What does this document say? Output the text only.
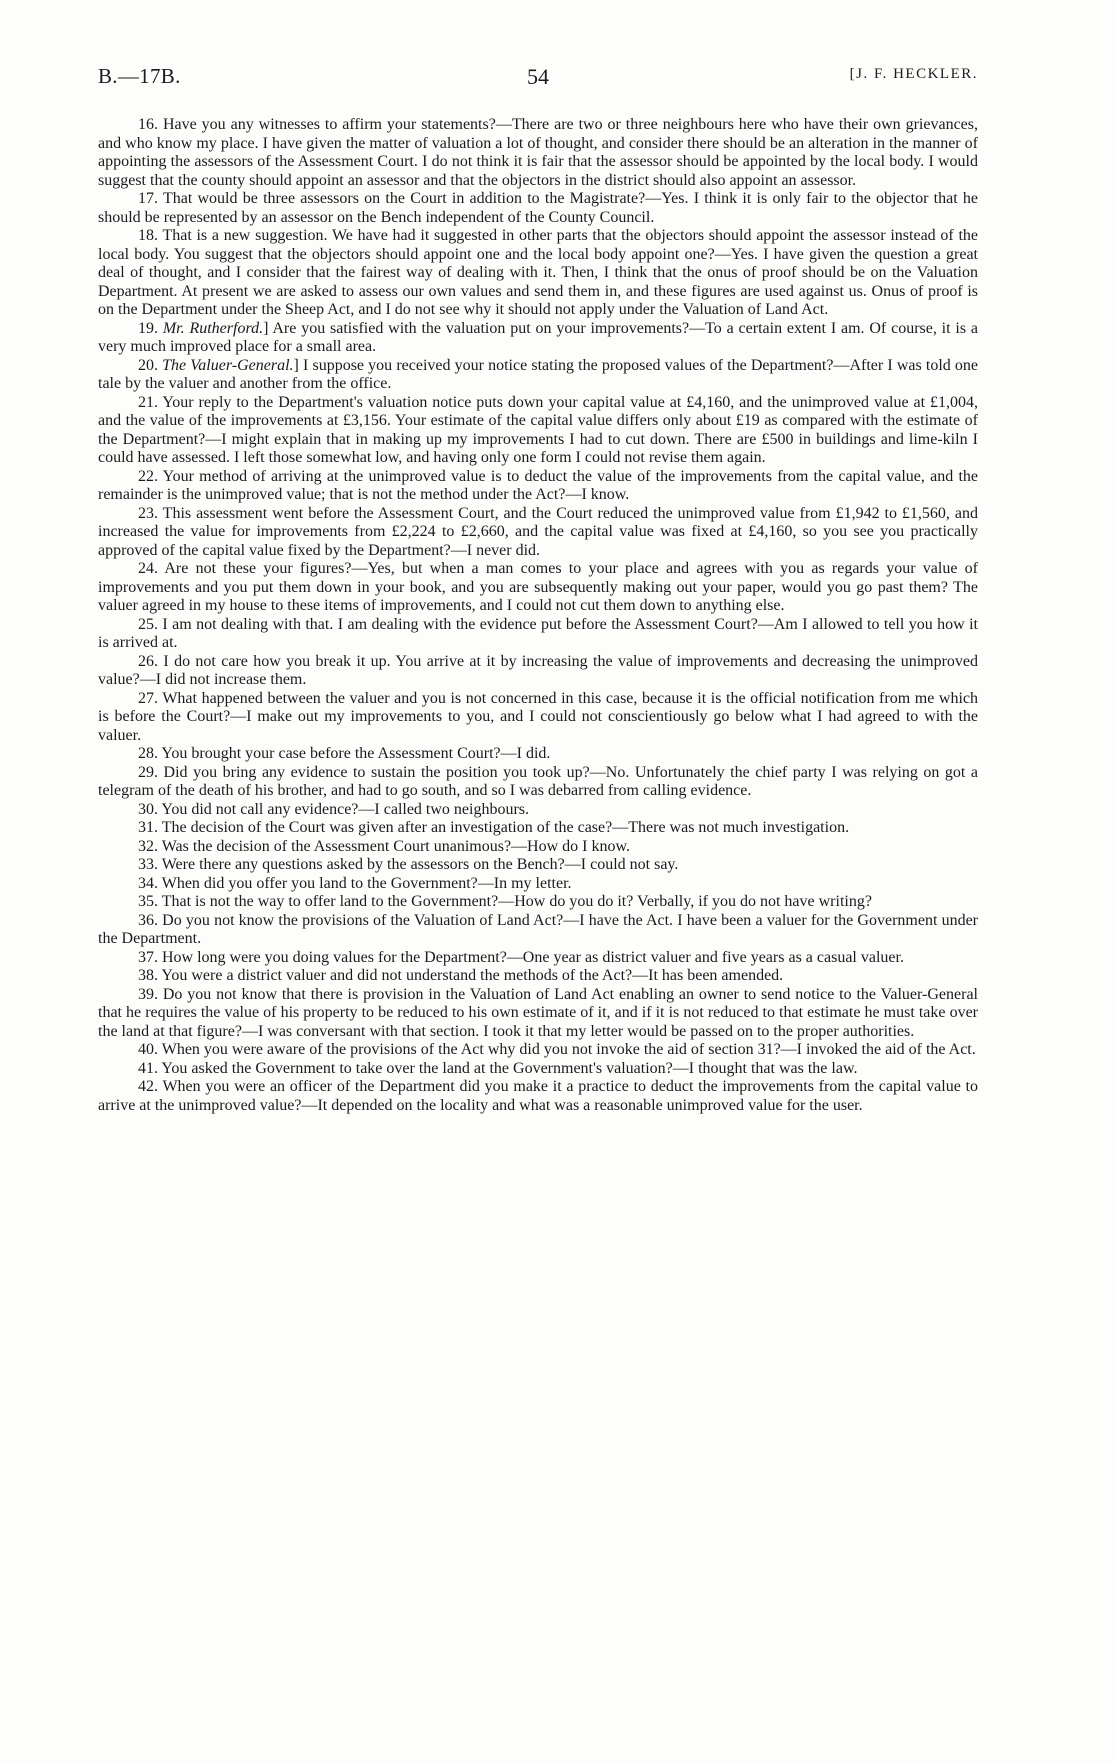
B.—17B.	54	[J. F. HECKLER.

16. Have you any witnesses to affirm your statements?—There are two or three neighbours here who have their own grievances, and who know my place. I have given the matter of valuation a lot of thought, and consider there should be an alteration in the manner of appointing the assessors of the Assessment Court. I do not think it is fair that the assessor should be appointed by the local body. I would suggest that the county should appoint an assessor and that the objectors in the district should also appoint an assessor.

17. That would be three assessors on the Court in addition to the Magistrate?—Yes. I think it is only fair to the objector that he should be represented by an assessor on the Bench independent of the County Council.

18. That is a new suggestion. We have had it suggested in other parts that the objectors should appoint the assessor instead of the local body. You suggest that the objectors should appoint one and the local body appoint one?—Yes. I have given the question a great deal of thought, and I consider that the fairest way of dealing with it. Then, I think that the onus of proof should be on the Valuation Department. At present we are asked to assess our own values and send them in, and these figures are used against us. Onus of proof is on the Department under the Sheep Act, and I do not see why it should not apply under the Valuation of Land Act.

19. Mr. Rutherford.] Are you satisfied with the valuation put on your improvements?—To a certain extent I am. Of course, it is a very much improved place for a small area.

20. The Valuer-General.] I suppose you received your notice stating the proposed values of the Department?—After I was told one tale by the valuer and another from the office.

21. Your reply to the Department's valuation notice puts down your capital value at £4,160, and the unimproved value at £1,004, and the value of the improvements at £3,156. Your estimate of the capital value differs only about £19 as compared with the estimate of the Department?—I might explain that in making up my improvements I had to cut down. There are £500 in buildings and lime-kiln I could have assessed. I left those somewhat low, and having only one form I could not revise them again.

22. Your method of arriving at the unimproved value is to deduct the value of the improvements from the capital value, and the remainder is the unimproved value; that is not the method under the Act?—I know.

23. This assessment went before the Assessment Court, and the Court reduced the unimproved value from £1,942 to £1,560, and increased the value for improvements from £2,224 to £2,660, and the capital value was fixed at £4,160, so you see you practically approved of the capital value fixed by the Department?—I never did.

24. Are not these your figures?—Yes, but when a man comes to your place and agrees with you as regards your value of improvements and you put them down in your book, and you are subsequently making out your paper, would you go past them? The valuer agreed in my house to these items of improvements, and I could not cut them down to anything else.

25. I am not dealing with that. I am dealing with the evidence put before the Assessment Court?—Am I allowed to tell you how it is arrived at.

26. I do not care how you break it up. You arrive at it by increasing the value of improvements and decreasing the unimproved value?—I did not increase them.

27. What happened between the valuer and you is not concerned in this case, because it is the official notification from me which is before the Court?—I make out my improvements to you, and I could not conscientiously go below what I had agreed to with the valuer.

28. You brought your case before the Assessment Court?—I did.

29. Did you bring any evidence to sustain the position you took up?—No. Unfortunately the chief party I was relying on got a telegram of the death of his brother, and had to go south, and so I was debarred from calling evidence.

30. You did not call any evidence?—I called two neighbours.

31. The decision of the Court was given after an investigation of the case?—There was not much investigation.

32. Was the decision of the Assessment Court unanimous?—How do I know.

33. Were there any questions asked by the assessors on the Bench?—I could not say.

34. When did you offer you land to the Government?—In my letter.

35. That is not the way to offer land to the Government?—How do you do it? Verbally, if you do not have writing?

36. Do you not know the provisions of the Valuation of Land Act?—I have the Act. I have been a valuer for the Government under the Department.

37. How long were you doing values for the Department?—One year as district valuer and five years as a casual valuer.

38. You were a district valuer and did not understand the methods of the Act?—It has been amended.

39. Do you not know that there is provision in the Valuation of Land Act enabling an owner to send notice to the Valuer-General that he requires the value of his property to be reduced to his own estimate of it, and if it is not reduced to that estimate he must take over the land at that figure?—I was conversant with that section. I took it that my letter would be passed on to the proper authorities.

40. When you were aware of the provisions of the Act why did you not invoke the aid of section 31?—I invoked the aid of the Act.

41. You asked the Government to take over the land at the Government's valuation?—I thought that was the law.

42. When you were an officer of the Department did you make it a practice to deduct the improvements from the capital value to arrive at the unimproved value?—It depended on the locality and what was a reasonable unimproved value for the user.
